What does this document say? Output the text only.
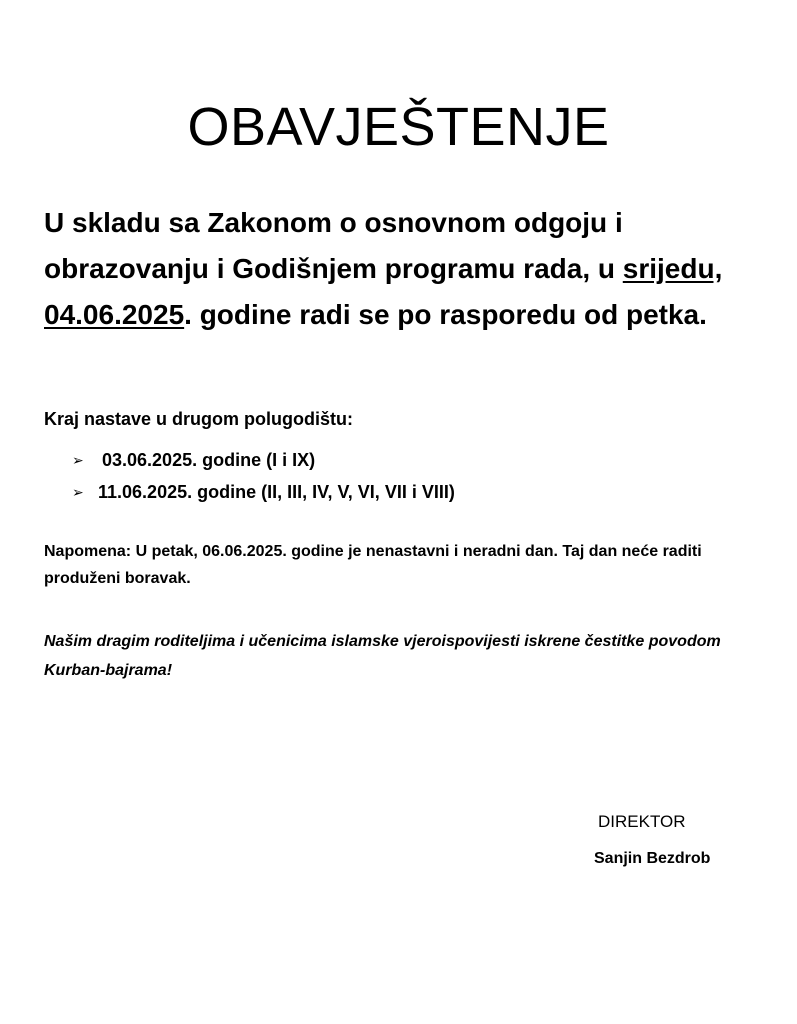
OBAVJEŠTENJE

U skladu sa Zakonom o osnovnom odgoju i obrazovanju i Godišnjem programu rada, u srijedu, 04.06.2025. godine radi se po rasporedu od petka.

Kraj nastave u drugom polugodištu:

➢	03.06.2025. godine (I i IX)
➢ 11.06.2025. godine (II, III, IV, V, VI, VII i VIII)

Napomena: U petak, 06.06.2025. godine je nenastavni i neradni dan. Taj dan neće raditi produženi boravak.

Našim dragim roditeljima i učenicima islamske vjeroispovijesti iskrene čestitke povodom Kurban-bajrama!

DIREKTOR

Sanjin Bezdrob
